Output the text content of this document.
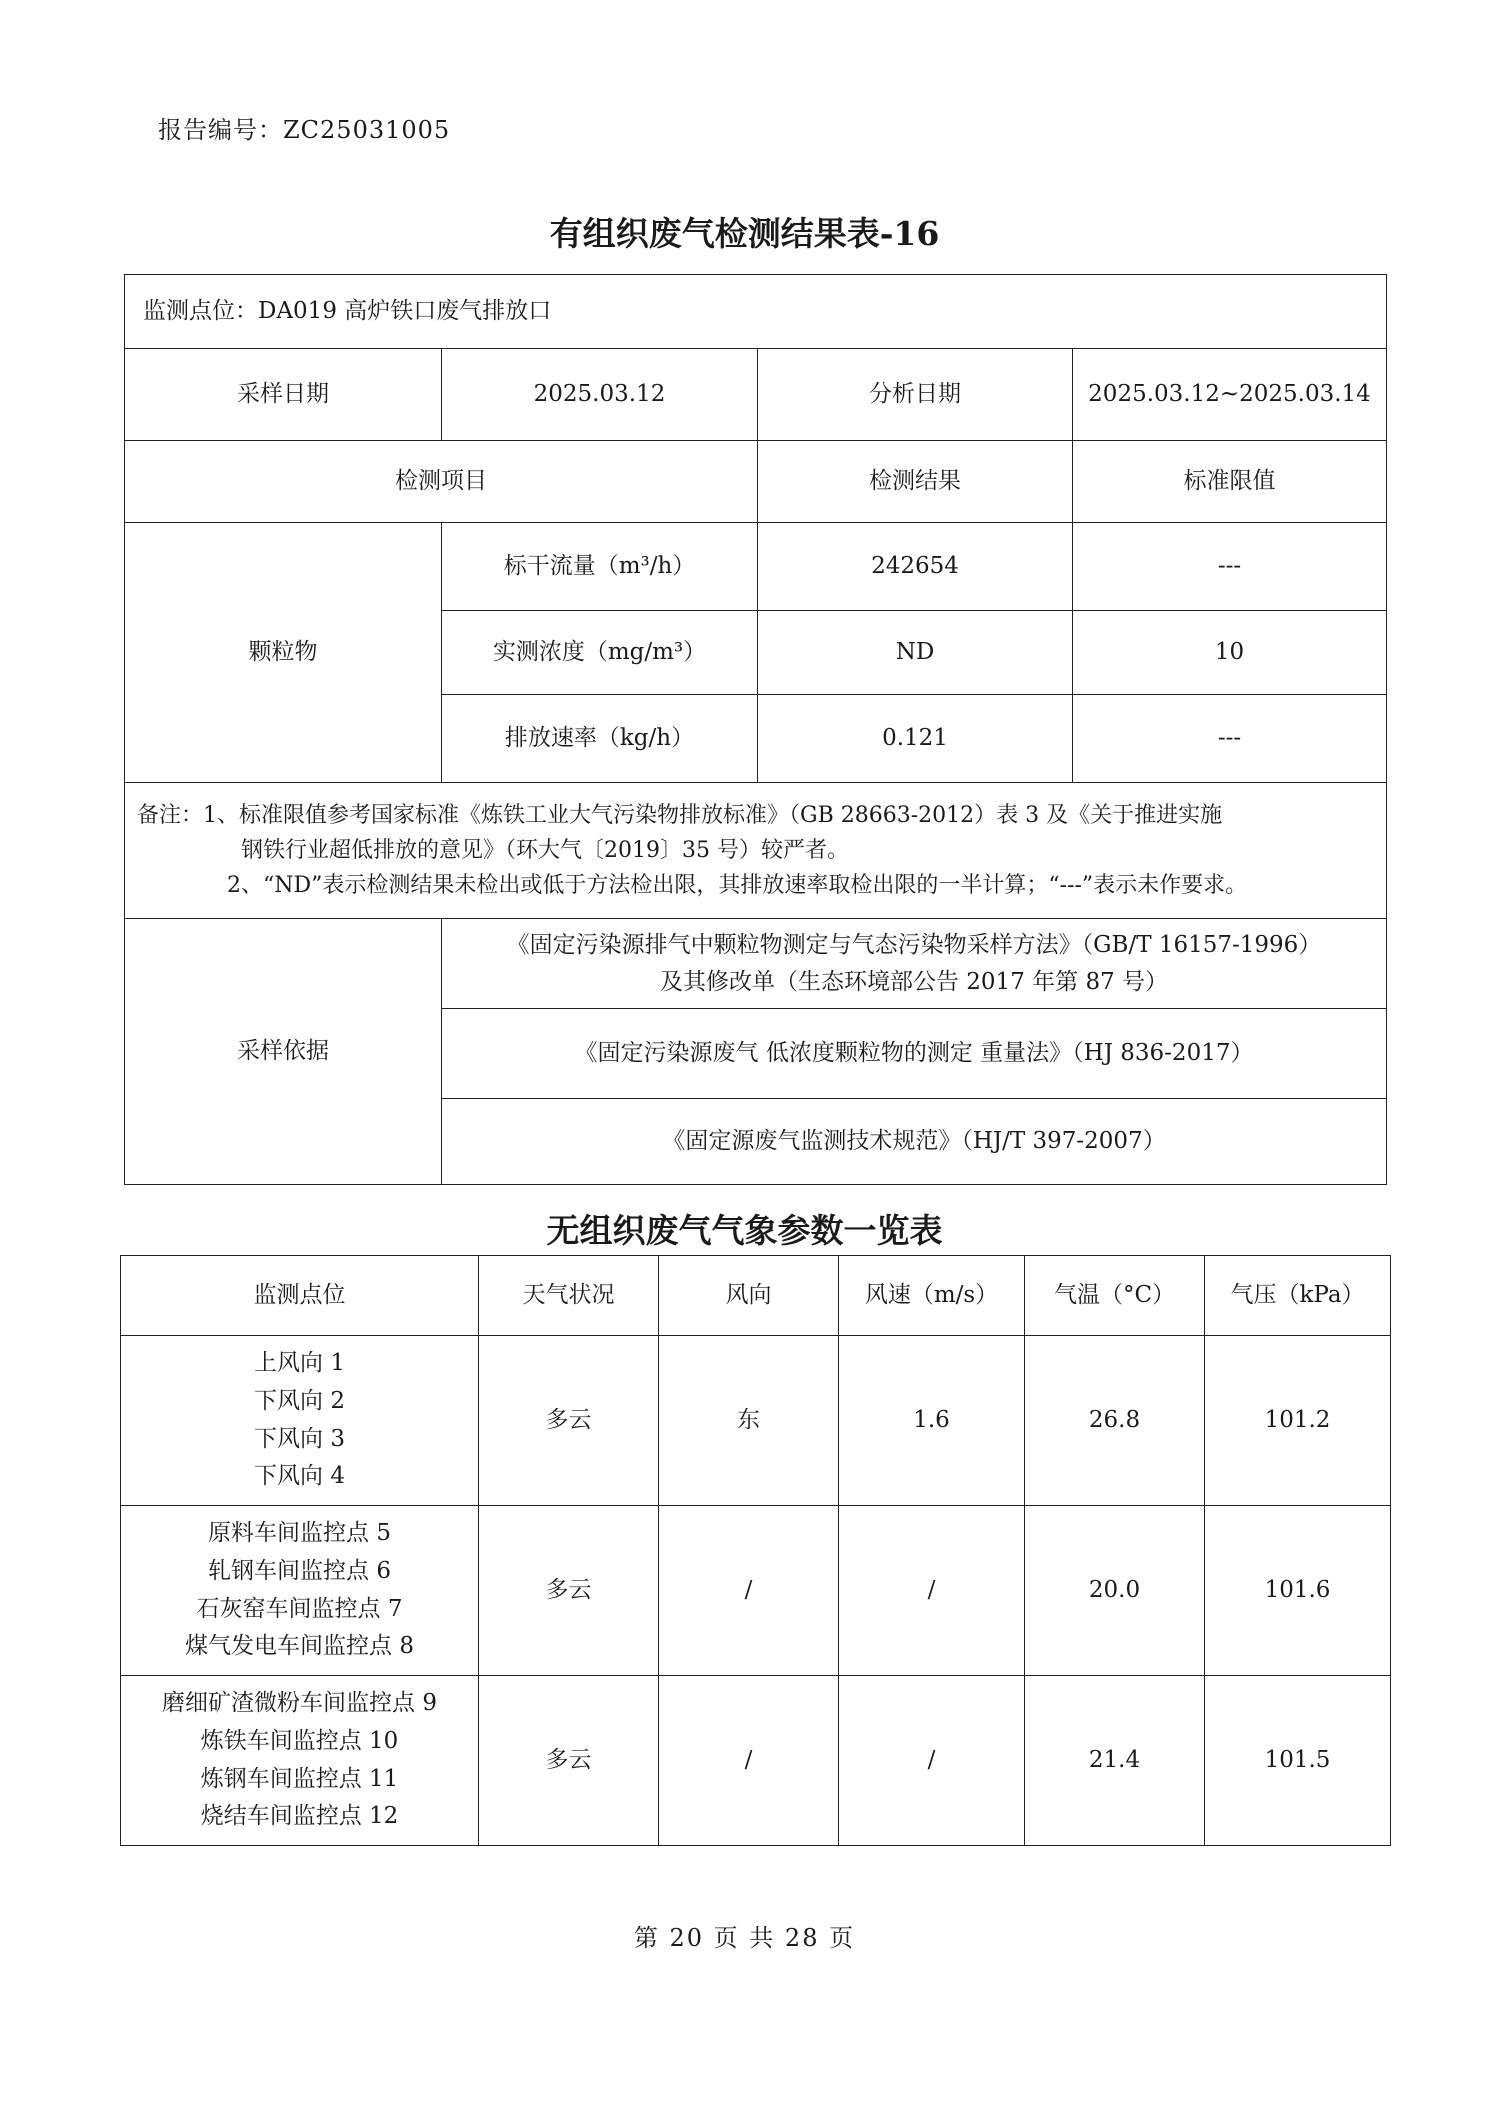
报告编号：ZC25031005
有组织废气检测结果表-16
监测点位：DA019 高炉铁口废气排放口			
采样日期	2025.03.12	分析日期	2025.03.12~2025.03.14
检测项目		检测结果	标准限值
颗粒物	标干流量（m³/h）	242654	---
	实测浓度（mg/m³）	ND	10
	排放速率（kg/h）	0.121	---

备注：1、标准限值参考国家标准《炼铁工业大气污染物排放标准》（GB 28663-2012）表 3 及《关于推进实施
钢铁行业超低排放的意见》（环大气〔2019〕35 号）较严者。
2、“ND”表示检测结果未检出或低于方法检出限，其排放速率取检出限的一半计算；“---”表示未作要求。			

采样依据	《固定污染源排气中颗粒物测定与气态污染物采样方法》（GB/T 16157-1996）
及其修改单（生态环境部公告 2017 年第 87 号）		

	《固定污染源废气 低浓度颗粒物的测定 重量法》（HJ 836-2017）		
	《固定源废气监测技术规范》（HJ/T 397-2007）		
无组织废气气象参数一览表
监测点位	天气状况	风向	风速（m/s）	气温（°C）	气压（kPa）

上风向 1
下风向 2
下风向 3
下风向 4	多云	东	1.6	26.8	101.2

原料车间监控点 5
轧钢车间监控点 6
石灰窑车间监控点 7
煤气发电车间监控点 8	多云	/	/	20.0	101.6

磨细矿渣微粉车间监控点 9
炼铁车间监控点 10
炼钢车间监控点 11
烧结车间监控点 12	多云	/	/	21.4	101.5
第 20 页 共 28 页
